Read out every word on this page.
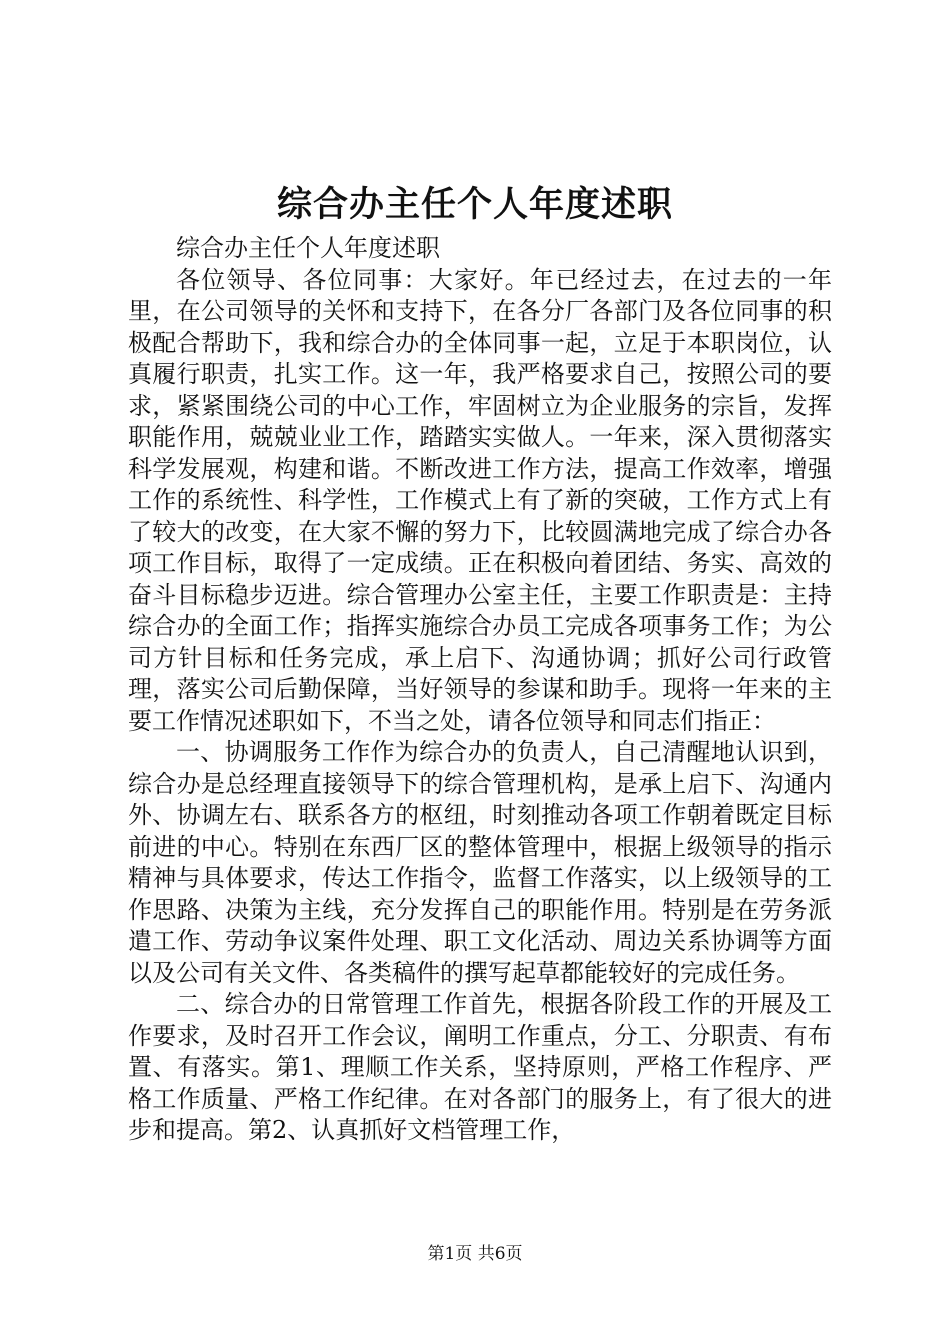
综合办主任个人年度述职

综合办主任个人年度述职

各位领导、各位同事：大家好。年已经过去，在过去的一年里，在公司领导的关怀和支持下，在各分厂各部门及各位同事的积极配合帮助下，我和综合办的全体同事一起，立足于本职岗位，认真履行职责，扎实工作。这一年，我严格要求自己，按照公司的要求，紧紧围绕公司的中心工作，牢固树立为企业服务的宗旨，发挥职能作用，兢兢业业工作，踏踏实实做人。一年来，深入贯彻落实科学发展观，构建和谐。不断改进工作方法，提高工作效率，增强工作的系统性、科学性，工作模式上有了新的突破，工作方式上有了较大的改变，在大家不懈的努力下，比较圆满地完成了综合办各项工作目标，取得了一定成绩。正在积极向着团结、务实、高效的奋斗目标稳步迈进。综合管理办公室主任，主要工作职责是：主持综合办的全面工作；指挥实施综合办员工完成各项事务工作；为公司方针目标和任务完成，承上启下、沟通协调；抓好公司行政管理，落实公司后勤保障，当好领导的参谋和助手。现将一年来的主要工作情况述职如下，不当之处，请各位领导和同志们指正：

一、协调服务工作作为综合办的负责人，自己清醒地认识到，综合办是总经理直接领导下的综合管理机构，是承上启下、沟通内外、协调左右、联系各方的枢纽，时刻推动各项工作朝着既定目标前进的中心。特别在东西厂区的整体管理中，根据上级领导的指示精神与具体要求，传达工作指令，监督工作落实，以上级领导的工作思路、决策为主线，充分发挥自己的职能作用。特别是在劳务派遣工作、劳动争议案件处理、职工文化活动、周边关系协调等方面以及公司有关文件、各类稿件的撰写起草都能较好的完成任务。

二、综合办的日常管理工作首先，根据各阶段工作的开展及工作要求，及时召开工作会议，阐明工作重点，分工、分职责、有布置、有落实。第1、理顺工作关系，坚持原则，严格工作程序、严格工作质量、严格工作纪律。在对各部门的服务上，有了很大的进步和提高。第2、认真抓好文档管理工作，

第1页 共6页
